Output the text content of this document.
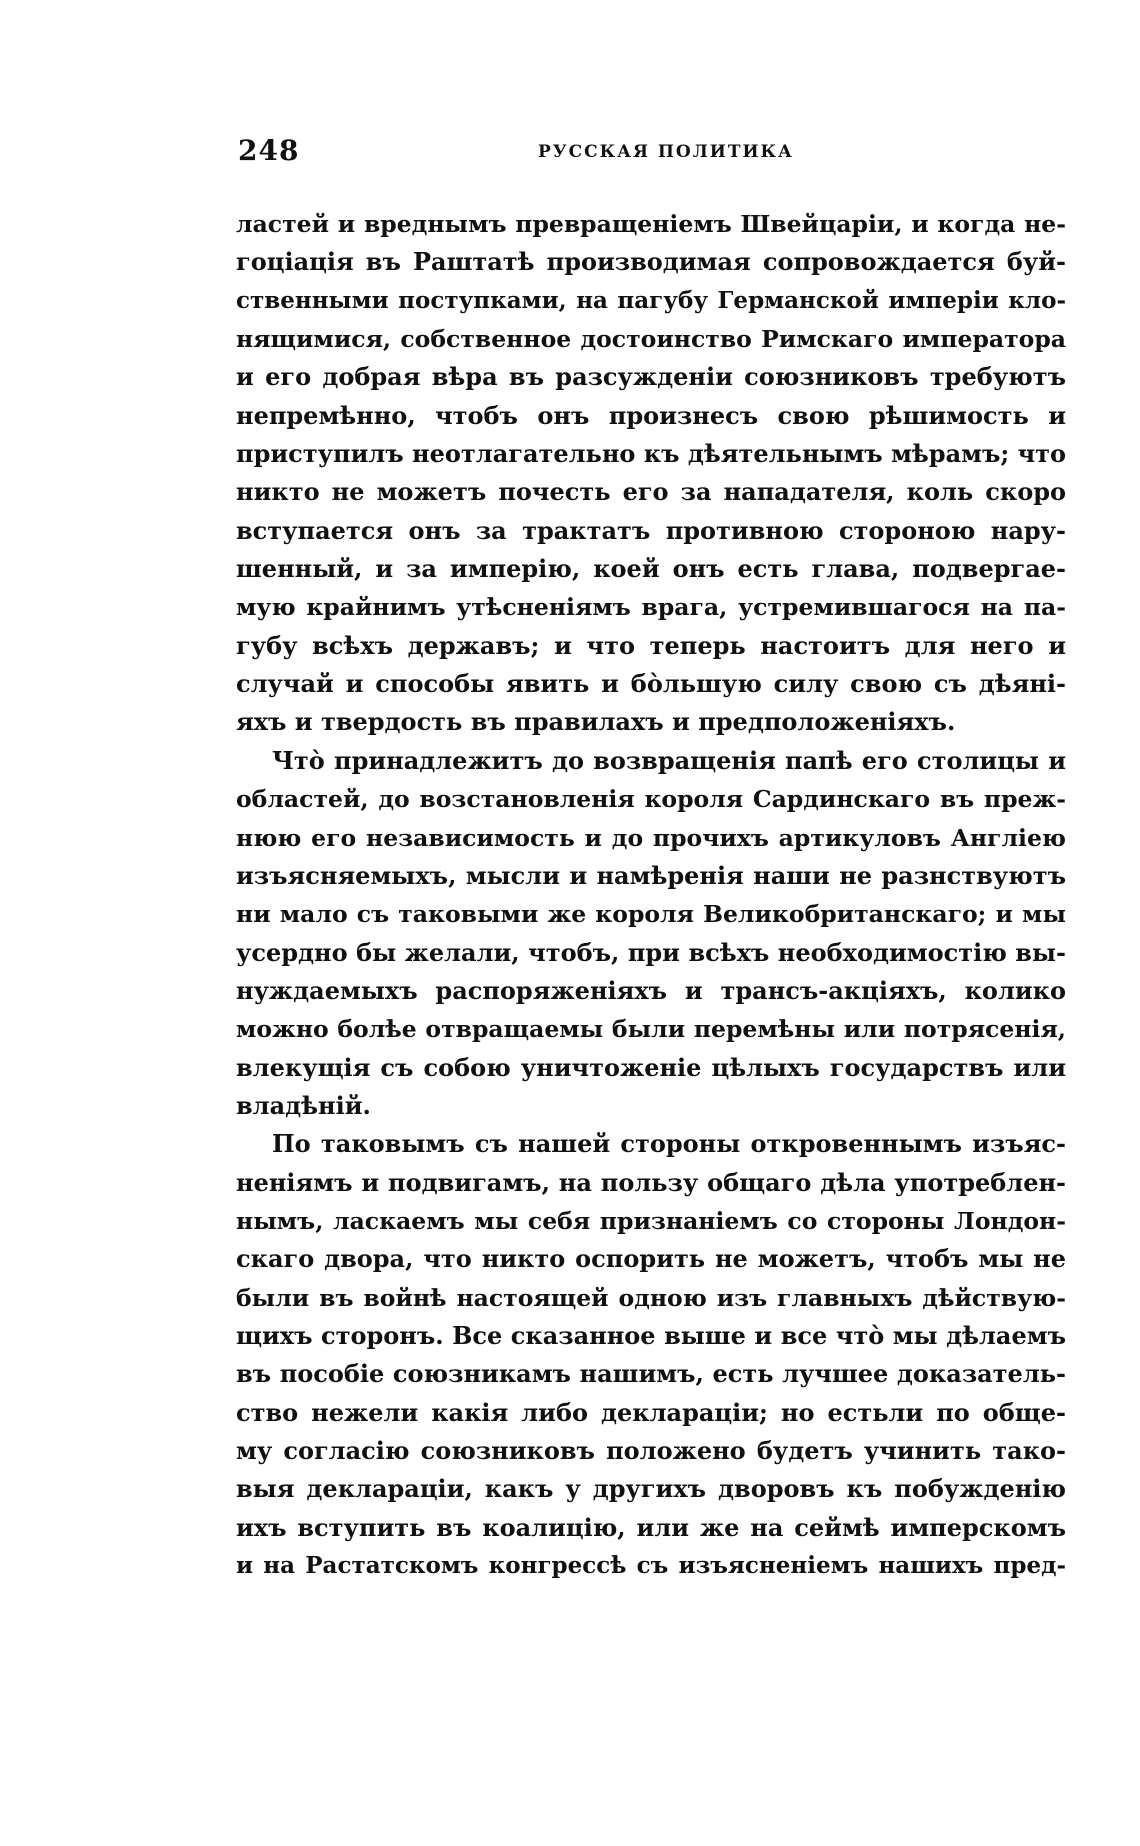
248	РУССКАЯ ПОЛИТИКА
ластей и вреднымъ превращеніемъ Швейцаріи, и когда не-
гоціація въ Раштатѣ производимая сопровождается буй-
ственными поступками, на пагубу Германской имперіи кло-
нящимися, собственное достоинство Римскаго императора
и его добрая вѣра въ разсужденіи союзниковъ требуютъ
непремѣнно, чтобъ онъ произнесъ свою рѣшимость и
приступилъ неотлагательно къ дѣятельнымъ мѣрамъ; что
никто не можетъ почесть его за нападателя, коль скоро
вступается онъ за трактатъ противною стороною нару-
шенный, и за имперію, коей онъ есть глава, подвергае-
мую крайнимъ утѣсненіямъ врага, устремившагося на па-
губу всѣхъ державъ; и что теперь настоитъ для него и
случай и способы явить и бо̀льшую силу свою съ дѣяні-
яхъ и твердость въ правилахъ и предположеніяхъ.
Что̀ принадлежитъ до возвращенія папѣ его столицы и
областей, до возстановленія короля Сардинскаго въ преж-
нюю его независимость и до прочихъ артикуловъ Англіею
изъясняемыхъ, мысли и намѣренія наши не разнствуютъ
ни мало съ таковыми же короля Великобританскаго; и мы
усердно бы желали, чтобъ, при всѣхъ необходимостію вы-
нуждаемыхъ распоряженіяхъ и трансъ-акціяхъ, колико
можно болѣе отвращаемы были перемѣны или потрясенія,
влекущія съ собою уничтоженіе цѣлыхъ государствъ или
владѣній.
По таковымъ съ нашей стороны откровеннымъ изъяс-
неніямъ и подвигамъ, на пользу общаго дѣла употреблен-
нымъ, ласкаемъ мы себя признаніемъ со стороны Лондон-
скаго двора, что никто оспорить не можетъ, чтобъ мы не
были въ войнѣ настоящей одною изъ главныхъ дѣйствую-
щихъ сторонъ. Все сказанное выше и все что̀ мы дѣлаемъ
въ пособіе союзникамъ нашимъ, есть лучшее доказатель-
ство нежели какія либо деклараціи; но естьли по обще-
му согласію союзниковъ положено будетъ учинить тако-
выя деклараціи, какъ у другихъ дворовъ къ побужденію
ихъ вступить въ коалицію, или же на сеймѣ имперскомъ
и на Растатскомъ конгрессѣ съ изъясненіемъ нашихъ пред-
